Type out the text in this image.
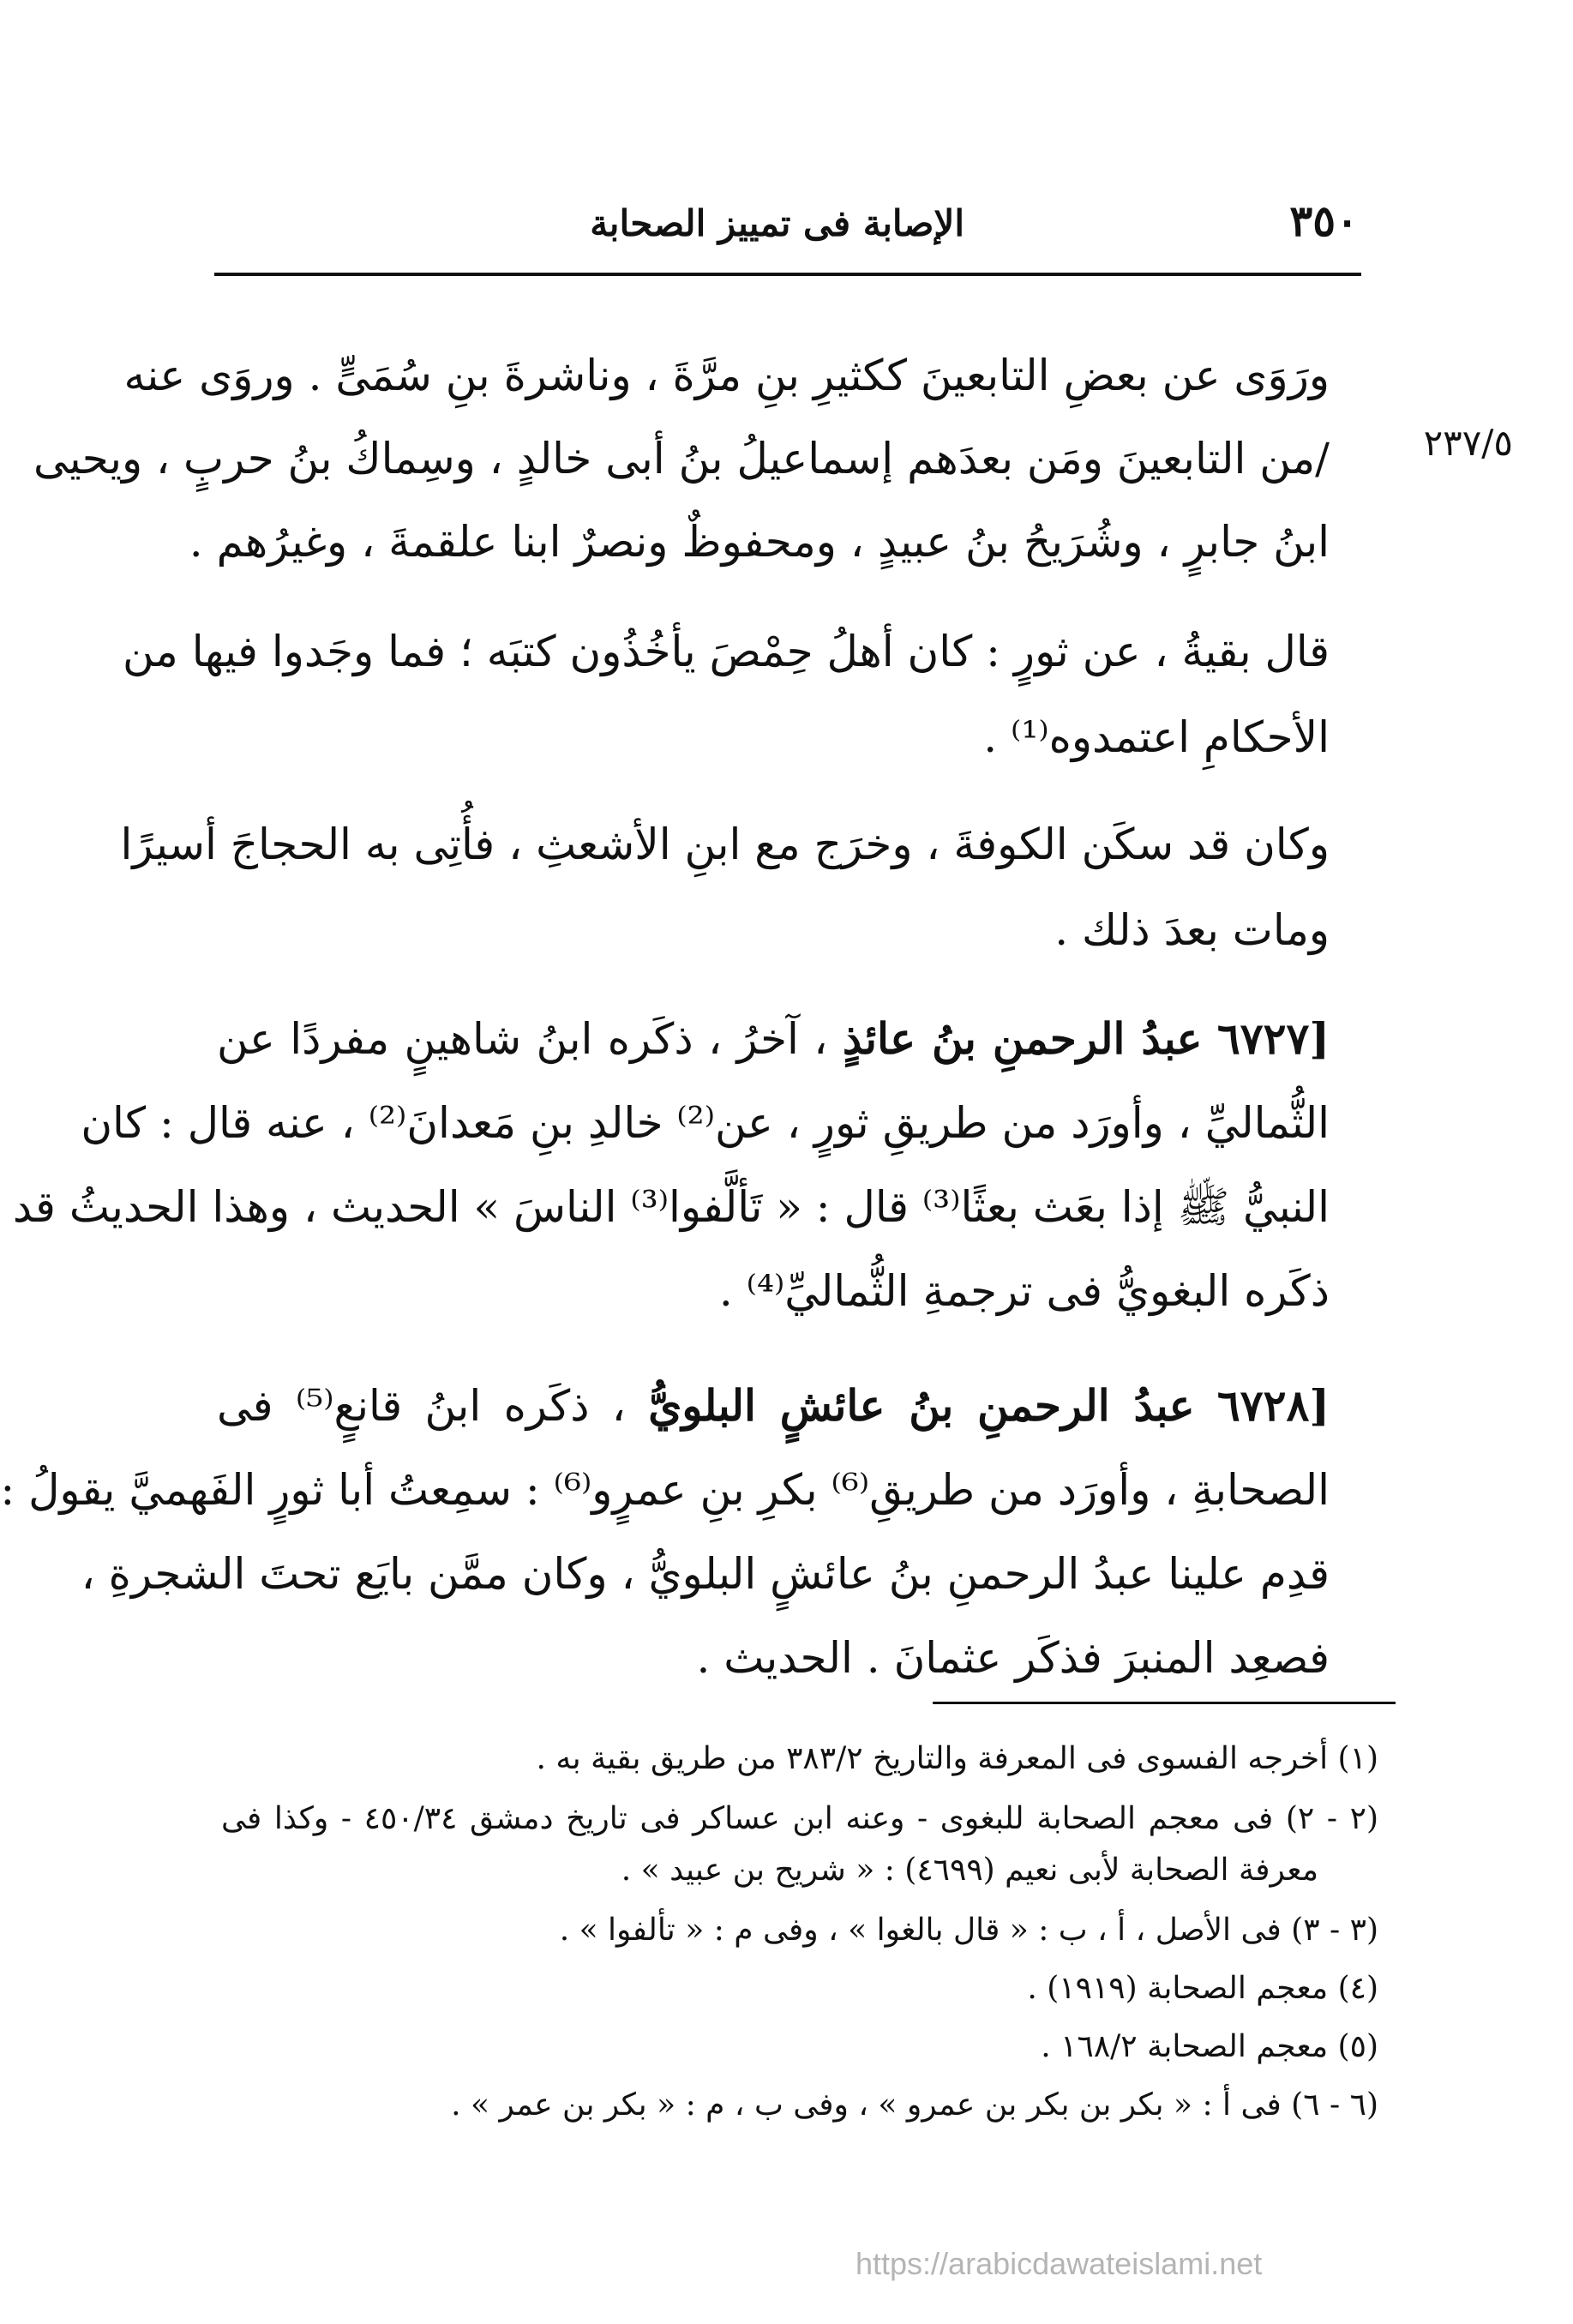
٣٥٠
الإصابة فى تمييز الصحابة
٢٣٧/٥
ورَوَى عن بعضِ التابعينَ ككثيرِ بنِ مرَّةَ ، وناشرةَ بنِ سُمَىٍّ . وروَى عنه
/من التابعينَ ومَن بعدَهم إسماعيلُ بنُ أبى خالدٍ ، وسِماكُ بنُ حربٍ ، ويحيى
ابنُ جابرٍ ، وشُرَيحُ بنُ عبيدٍ ، ومحفوظٌ ونصرٌ ابنا علقمةَ ، وغيرُهم .
قال بقيةُ ، عن ثورٍ : كان أهلُ حِمْصَ يأخُذُون كتبَه ؛ فما وجَدوا فيها من
الأحكامِ اعتمدوه⁽¹⁾ .
وكان قد سكَن الكوفةَ ، وخرَج مع ابنِ الأشعثِ ، فأُتِى به الحجاجَ أسيرًا
ومات بعدَ ذلك .
[٦٧٢٧ عبدُ الرحمنِ بنُ عائذٍ ، آخرُ ، ذكَره ابنُ شاهينٍ مفردًا عن
الثُّماليِّ ، وأورَد من طريقِ ثورٍ ، عن⁽²⁾ خالدِ بنِ مَعدانَ⁽²⁾ ، عنه قال : كان
النبيُّ ﷺ إذا بعَث بعثًا⁽³⁾ قال : « تَألَّفوا⁽³⁾ الناسَ » الحديث ، وهذا الحديثُ قد
ذكَره البغويُّ فى ترجمةِ الثُّماليِّ⁽⁴⁾ .
[٦٧٢٨ عبدُ الرحمنِ بنُ عائشٍ البلويُّ ، ذكَره ابنُ قانعٍ⁽⁵⁾ فى
الصحابةِ ، وأورَد من طريقِ⁽⁶⁾ بكرِ بنِ عمرٍو⁽⁶⁾ : سمِعتُ أبا ثورٍ الفَهميَّ يقولُ :
قدِم علينا عبدُ الرحمنِ بنُ عائشٍ البلويُّ ، وكان ممَّن بايَع تحتَ الشجرةِ ،
فصعِد المنبرَ فذكَر عثمانَ . الحديث .
(١) أخرجه الفسوى فى المعرفة والتاريخ ٣٨٣/٢ من طريق بقية به .
(٢ - ٢) فى معجم الصحابة للبغوى - وعنه ابن عساكر فى تاريخ دمشق ٤٥٠/٣٤ - وكذا فى
معرفة الصحابة لأبى نعيم (٤٦٩٩) : « شريح بن عبيد » .
(٣ - ٣) فى الأصل ، أ ، ب : « قال بالغوا » ، وفى م : « تألفوا » .
(٤) معجم الصحابة (١٩١٩) .
(٥) معجم الصحابة ١٦٨/٢ .
(٦ - ٦) فى أ : « بكر بن بكر بن عمرو » ، وفى ب ، م : « بكر بن عمر » .
https://arabicdawateislami.net
